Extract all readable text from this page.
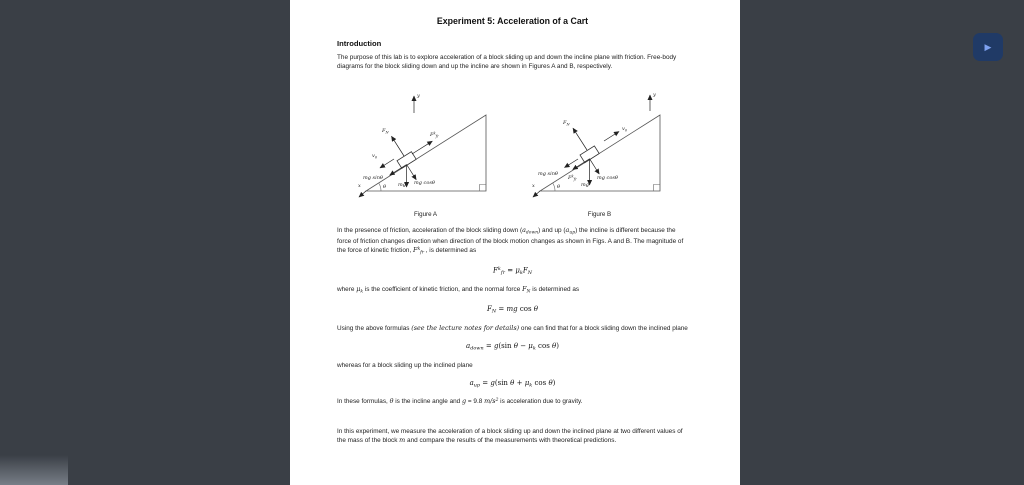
Experiment 5: Acceleration of a Cart
Introduction

The purpose of this lab is to explore acceleration of a block sliding up and down the incline plane with friction. Free-body diagrams for the block sliding down and up the incline are shown in Figures A and B, respectively.

θ
$F_N$	$F^k_{fr}$
$v_0$
mg
mg sinθ
mg cosθ
y
x
Figure A
θ
$F_N$
$v_0$
$F^k_{fr}$
mg
mg sinθ
mg cosθ
y
x
Figure B

In the presence of friction, acceleration of the block sliding down $(a_{down})$ and up $(a_{up})$ the incline is different because the force of friction changes direction when direction of the block motion changes as shown in Figs. A and B. The magnitude of the force of kinetic friction, $F^k_{fr}$ , is determined as

$F^k_{fr} = \mu_kF_N$

where $\mu_k$ is the coefficient of kinetic friction, and the normal force $F_N$ is determined as

$F_N$ = mg cos θ

Using the above formulas (see the lecture notes for details) one can find that for a block sliding down the inclined plane

$a_{down} = g(\sin$ $\theta - \mu_k$ cos θ)

whereas for a block sliding up the inclined plane

$a_{up} = g(\sin$ $\theta + \mu_k$ cos θ)

In these formulas, θ is the incline angle and g = 9.8 $m/s^2$ is acceleration due to gravity.

In this experiment, we measure the acceleration of a block sliding up and down the inclined plane at two different values of the mass of the block m and compare the results of the measurements with theoretical predictions.

▶
